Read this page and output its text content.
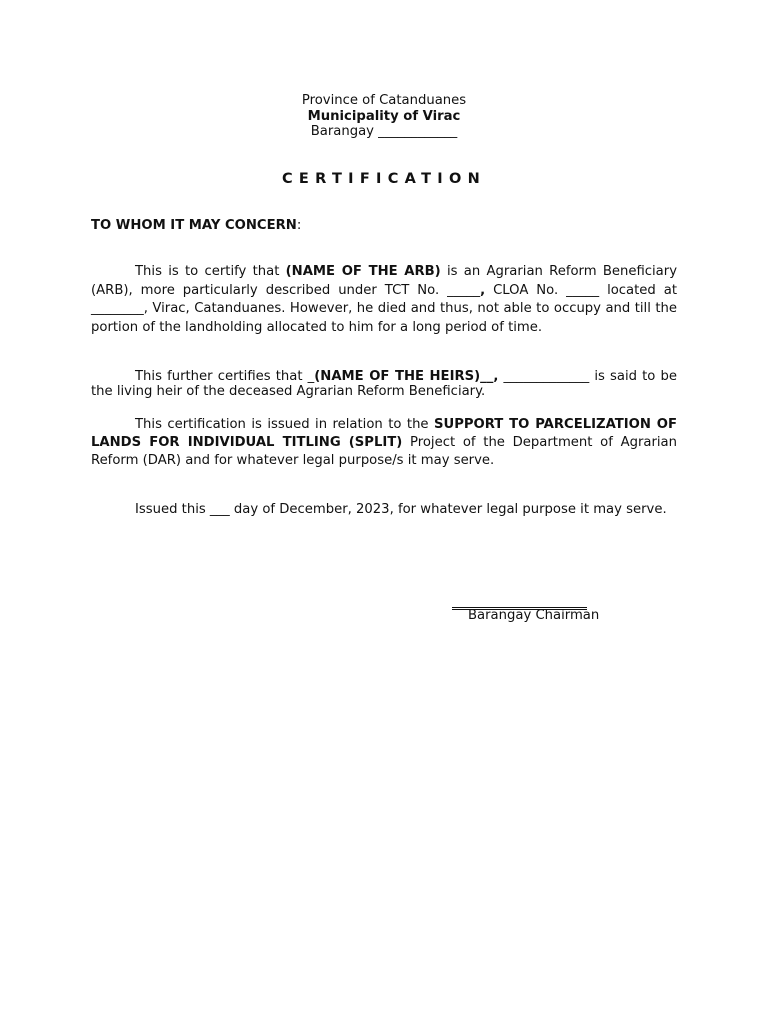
Province of Catanduanes
Municipality of Virac
Barangay ____________
CERTIFICATION
TO WHOM IT MAY CONCERN:

This is to certify that (NAME OF THE ARB) is an Agrarian Reform Beneficiary (ARB), more particularly described under TCT No. _____, CLOA No. _____ located at ________, Virac, Catanduanes. However, he died and thus, not able to occupy and till the portion of the landholding allocated to him for a long period of time.

This further certifies that _(NAME OF THE HEIRS)__, _____________ is said to be the living heir of the deceased Agrarian Reform Beneficiary.

This certification is issued in relation to the SUPPORT TO PARCELIZATION OF LANDS FOR INDIVIDUAL TITLING (SPLIT) Project of the Department of Agrarian Reform (DAR) and for whatever legal purpose/s it may serve.

Issued this ___ day of December, 2023, for whatever legal purpose it may serve.

Barangay Chairman
